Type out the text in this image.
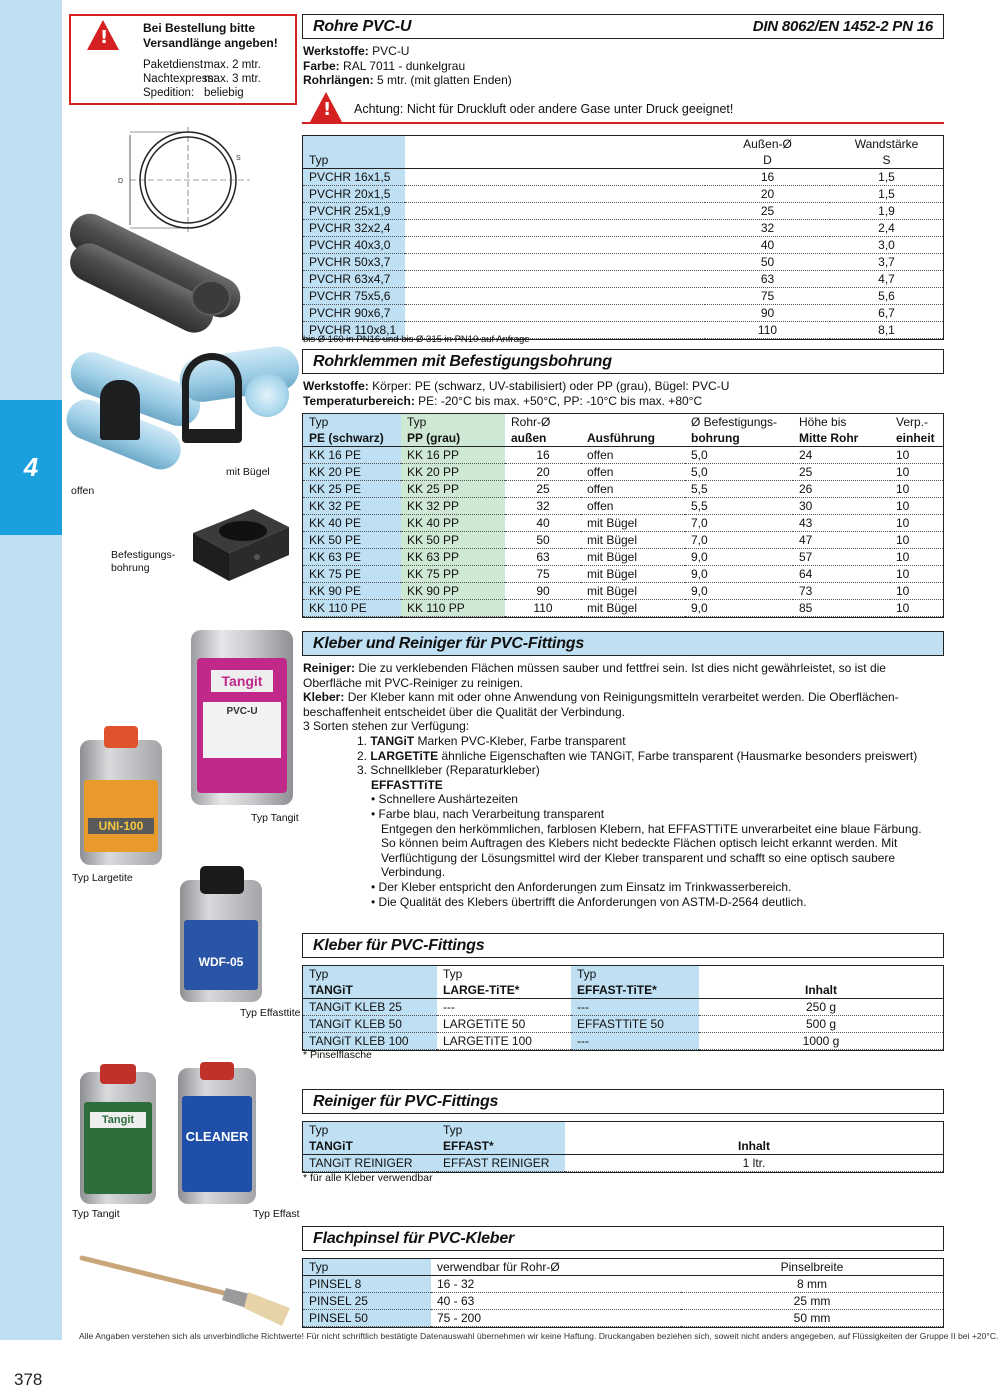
4
378
!	Bei Bestellung bitte
Versandlänge angeben!
Paketdienst:max. 2 mtr.
Nachtexpress:max. 3 mtr.
Spedition: beliebig
Rohre PVC-U	DIN 8062/EN 1452-2 PN 16
Werkstoffe: PVC-U
Farbe: RAL 7011 - dunkelgrau
Rohrlängen: 5 mtr. (mit glatten Enden)
! Achtung: Nicht für Druckluft oder andere Gase unter Druck geeignet!
		Außen-Ø	Wandstärke
Typ		D	S
PVCHR 16x1,5		16	1,5
PVCHR 20x1,5		20	1,5
PVCHR 25x1,9		25	1,9
PVCHR 32x2,4		32	2,4
PVCHR 40x3,0		40	3,0
PVCHR 50x3,7		50	3,7
PVCHR 63x4,7		63	4,7
PVCHR 75x5,6		75	5,6
PVCHR 90x6,7		90	6,7
PVCHR 110x8,1		110	8,1
bis Ø 160 in PN16 und bis Ø 315 in PN10 auf Anfrage
D
S
mit Bügel
offen
Befestigungs-
bohrung
Rohrklemmen mit Befestigungsbohrung
Werkstoffe: Körper: PE (schwarz, UV-stabilisiert) oder PP (grau), Bügel: PVC-U
Temperaturbereich: PE: -20°C bis max. +50°C, PP: -10°C bis max. +80°C
Typ	Typ	Rohr-Ø		Ø Befestigungs-	Höhe bis	Verp.-
PE (schwarz)	PP (grau)	außen	Ausführung	bohrung	Mitte Rohr	einheit
KK 16 PE	KK 16 PP	16	offen	5,0	24	10
KK 20 PE	KK 20 PP	20	offen	5,0	25	10
KK 25 PE	KK 25 PP	25	offen	5,5	26	10
KK 32 PE	KK 32 PP	32	offen	5,5	30	10
KK 40 PE	KK 40 PP	40	mit Bügel	7,0	43	10
KK 50 PE	KK 50 PP	50	mit Bügel	7,0	47	10
KK 63 PE	KK 63 PP	63	mit Bügel	9,0	57	10
KK 75 PE	KK 75 PP	75	mit Bügel	9,0	64	10
KK 90 PE	KK 90 PP	90	mit Bügel	9,0	73	10
KK 110 PE	KK 110 PP	110	mit Bügel	9,0	85	10
Kleber und Reiniger für PVC-Fittings
Reiniger: Die zu verklebenden Flächen müssen sauber und fettfrei sein. Ist dies nicht gewährleistet, so ist die
Oberfläche mit PVC-Reiniger zu reinigen.
Kleber: Der Kleber kann mit oder ohne Anwendung von Reinigungsmitteln verarbeitet werden. Die Oberflächen-
beschaffenheit entscheidet über die Qualität der Verbindung.
3 Sorten stehen zur Verfügung:
1. TANGiT Marken PVC-Kleber, Farbe transparent
2. LARGETiTE ähnliche Eigenschaften wie TANGiT, Farbe transparent (Hausmarke besonders preiswert)
3. Schnellkleber (Reparaturkleber)
EFFASTTiTE
• Schnellere Aushärtezeiten
• Farbe blau, nach Verarbeitung transparent
Entgegen den herkömmlichen, farblosen Klebern, hat EFFASTTiTE unverarbeitet eine blaue Färbung.
So können beim Auftragen des Klebers nicht bedeckte Flächen optisch leicht erkannt werden. Mit
Verflüchtigung der Lösungsmittel wird der Kleber transparent und schafft so eine optisch saubere
Verbindung.
• Der Kleber entspricht den Anforderungen zum Einsatz im Trinkwasserbereich.
• Die Qualität des Klebers übertrifft die Anforderungen von ASTM-D-2564 deutlich.
Tangit
PVC-U
Typ Tangit
UNI-100
Typ Largetite
WDF-05
Typ Effasttite
Kleber für PVC-Fittings
Typ	Typ	Typ	
TANGiT	LARGE-TiTE*	EFFAST-TiTE*	Inhalt
TANGiT KLEB 25	---	---	250 g
TANGiT KLEB 50	LARGETiTE 50	EFFASTTiTE 50	500 g
TANGiT KLEB 100	LARGETiTE 100	---	1000 g
* Pinselflasche
Reiniger für PVC-Fittings
Typ	Typ	
TANGiT	EFFAST*	Inhalt
TANGiT REINIGER	EFFAST REINIGER	1 ltr.
* für alle Kleber verwendbar
Tangit
Typ Tangit
CLEANER
Typ Effast
Flachpinsel für PVC-Kleber
Typ	verwendbar für Rohr-Ø	Pinselbreite
PINSEL 8	16 - 32	8 mm
PINSEL 25	40 - 63	25 mm
PINSEL 50	75 - 200	50 mm
Alle Angaben verstehen sich als unverbindliche Richtwerte! Für nicht schriftlich bestätigte Datenauswahl übernehmen wir keine Haftung. Druckangaben beziehen sich, soweit nicht anders angegeben, auf Flüssigkeiten der Gruppe II bei +20°C.
